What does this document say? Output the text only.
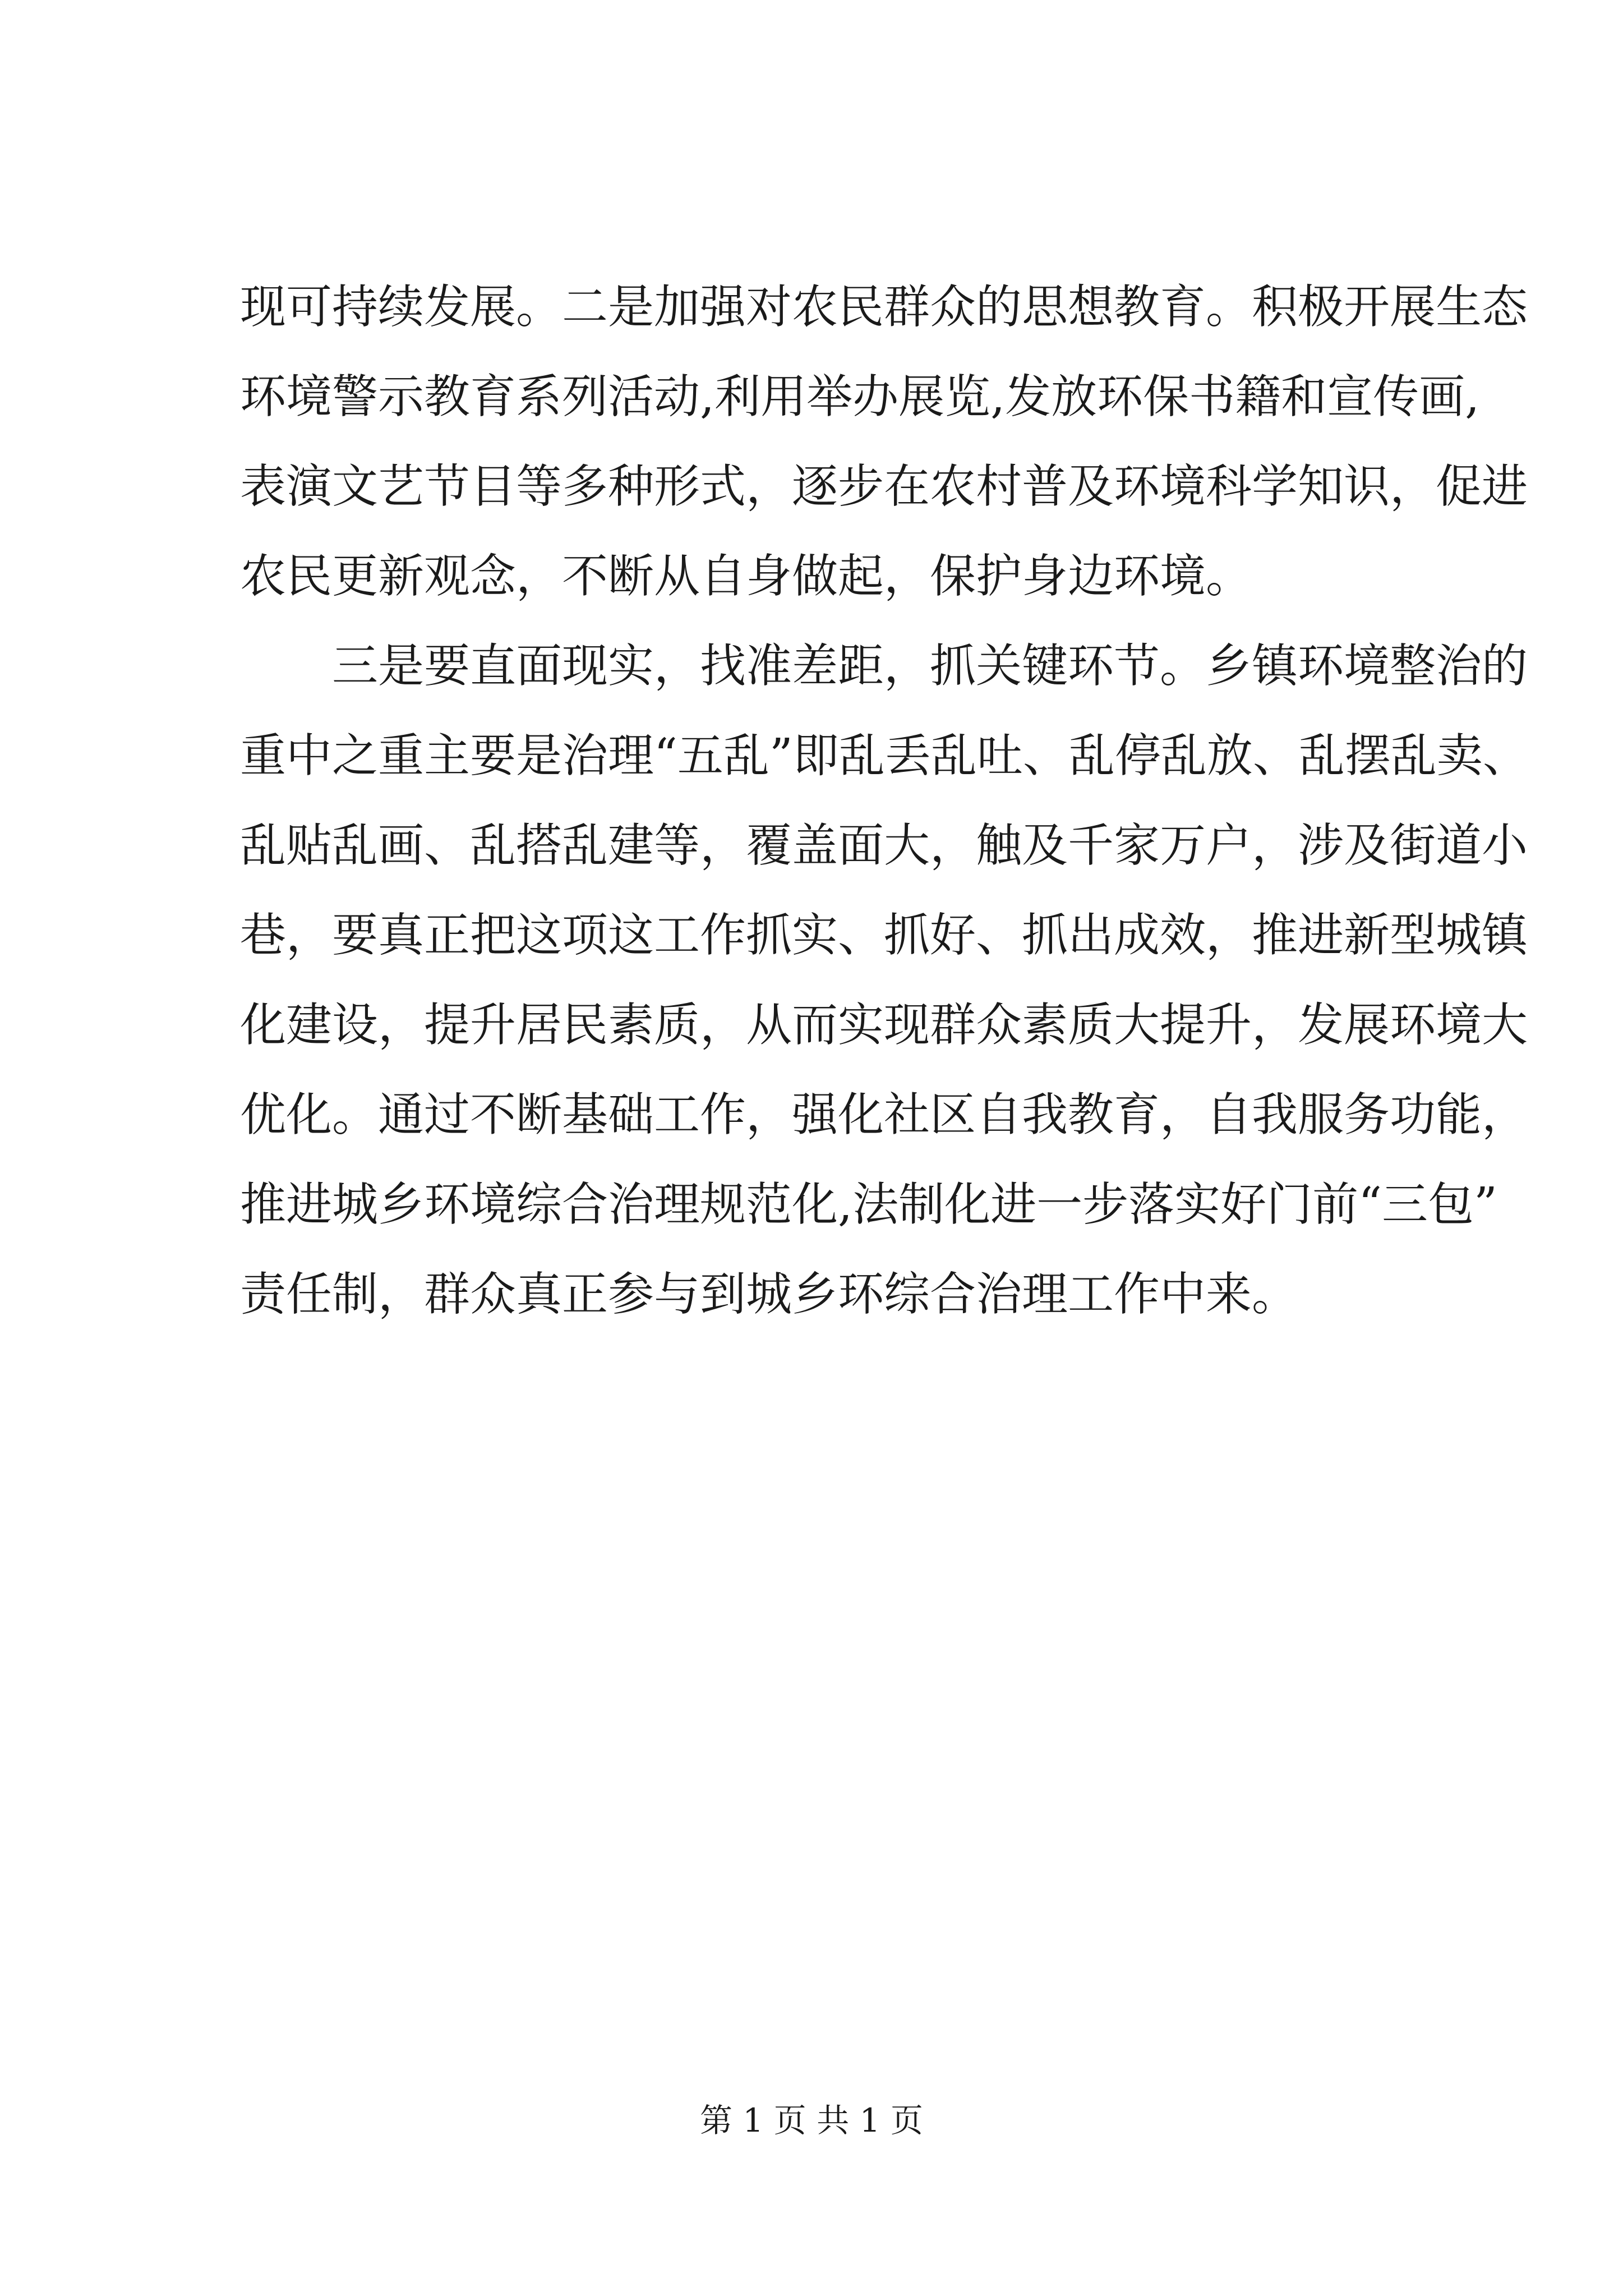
现可持续发展。二是加强对农民群众的思想教育。积极开展生态
环境警示教育系列活动,利用举办展览,发放环保书籍和宣传画,
表演文艺节目等多种形式，逐步在农村普及环境科学知识，促进
农民更新观念，不断从自身做起，保护身边环境。
三是要直面现实，找准差距，抓关键环节。乡镇环境整治的
重中之重主要是治理“五乱”即乱丢乱吐、乱停乱放、乱摆乱卖、
乱贴乱画、乱搭乱建等，覆盖面大，触及千家万户，涉及街道小
巷，要真正把这项这工作抓实、抓好、抓出成效，推进新型城镇
化建设，提升居民素质，从而实现群众素质大提升，发展环境大
优化。通过不断基础工作，强化社区自我教育，自我服务功能，
推进城乡环境综合治理规范化,法制化进一步落实好门前“三包”
责任制，群众真正参与到城乡环综合治理工作中来。
第 1 页 共 1 页
